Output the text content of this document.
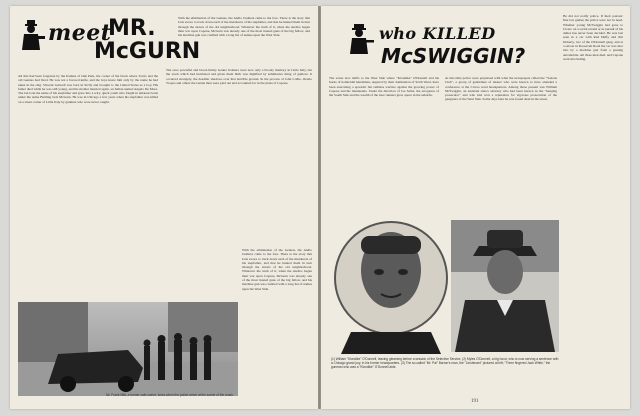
meet
MR.
McGURN
With the elimination of the Gennas, the Aiello brothers came to the fore. There is the story that Jack swore to track down each of the murderers of his stepfather, and that he hunted them in turn through the streets of the old neighborhood. Whatever the truth of it, when the Aiellos began their war upon Capone, McGurn was already one of the most trusted guns of the big fellow, and his machine gun was credited with a long list of names upon the West Side.
All this had been forgotten by the Italians of Oak Park, the corner of the block where Torrio and the old Gennas had lived. He was not a favored knife, and the boys knew him only by the name he had taken in the ring. Vincent Gebardi was born in Sicily and brought to the United States as a boy. His father died while he was still young, and his mother married again, an Italian named Angelo De Mora. The lad took the name of his stepfather and grew into a wiry, quick youth who fought in amateur bouts under the name Battling Jack McGurn. He was in Chicago a few years when his stepfather was killed on a street corner of Little Italy by gunmen who were never caught.
The once powerful and blood-thirsty Genna brothers were now only a bloody memory in Little Italy, but the stock which had incubated and given them birth was dignified by submissive thing of gunlore. It occurred strangely, the deadlier shadows over that horrible ground. In the process of John Collie, Orazio Tropea and others the Genna men were paid out and accounted for in the plans of Capone.
With the elimination of the Gennas, the Aiello brothers came to the fore. There is the story that Jack swore to track down each of the murderers of his stepfather, and that he hunted them in turn through the streets of the old neighborhood. Whatever the truth of it, when the Aiellos began their war upon Capone, McGurn was already one of the most trusted guns of the big fellow, and his machine gun was credited with a long list of names upon the West Side.
Mr. Frank Nitti, a former cafe-owner, loses when the police arrive at the scene of the crash.
who KILLED
McSWIGGIN?
The scene now shifts to the West Side where "Klondike" O'Donnell and his horde of homicidal henchmen, angered by their domination of Sixth Ward, have been exercising a sporadic but ruthless warfare against the growing power of Capone and his lieutenants. Under the direction of Joe Saltis, the arrogance of the South Side and the wealth of the beer runners grew apace in the suburbs.
At this time police were perplexed with what the newspapers called the "Saxons Club", a group of gentlemen of leisure who were known to have attended a conference at the Cicero ward headquarters. Among those present was William McSwiggin, an assistant state's attorney who had been known as the "hanging prosecutor" and who had won a reputation for vigorous prosecution of the gangsters of the West Side. Some days later he was found dead in the street.
He did not notify police. If their patrons' fine law games the police were not in need. Whether young McSwiggin had gone to Cicero on a social errand or in pursuit of his duties has never been decided. He was last seen in a car with Red Duffy and Jim Doherty, two of the O'Donnell gang, and at a saloon in Roosevelt Road the car was shot into by a machine gun from a passing automobile. All three men died, and Capone went into hiding.
(1) William "Klondike" O'Donnell, leaving gleaming before a session of the Selective Service. (2) Myles O'Donnell, a big hood, who is now serving a sentence with a Chicago grand jury, in his former headquarters. (3) The so-called "Mr. Pal" Barron's man, the "Lieutenant" pictured at left; "Three fingered Jack White," the gunman who was a "Klondike" O'Donnell aide.
191
